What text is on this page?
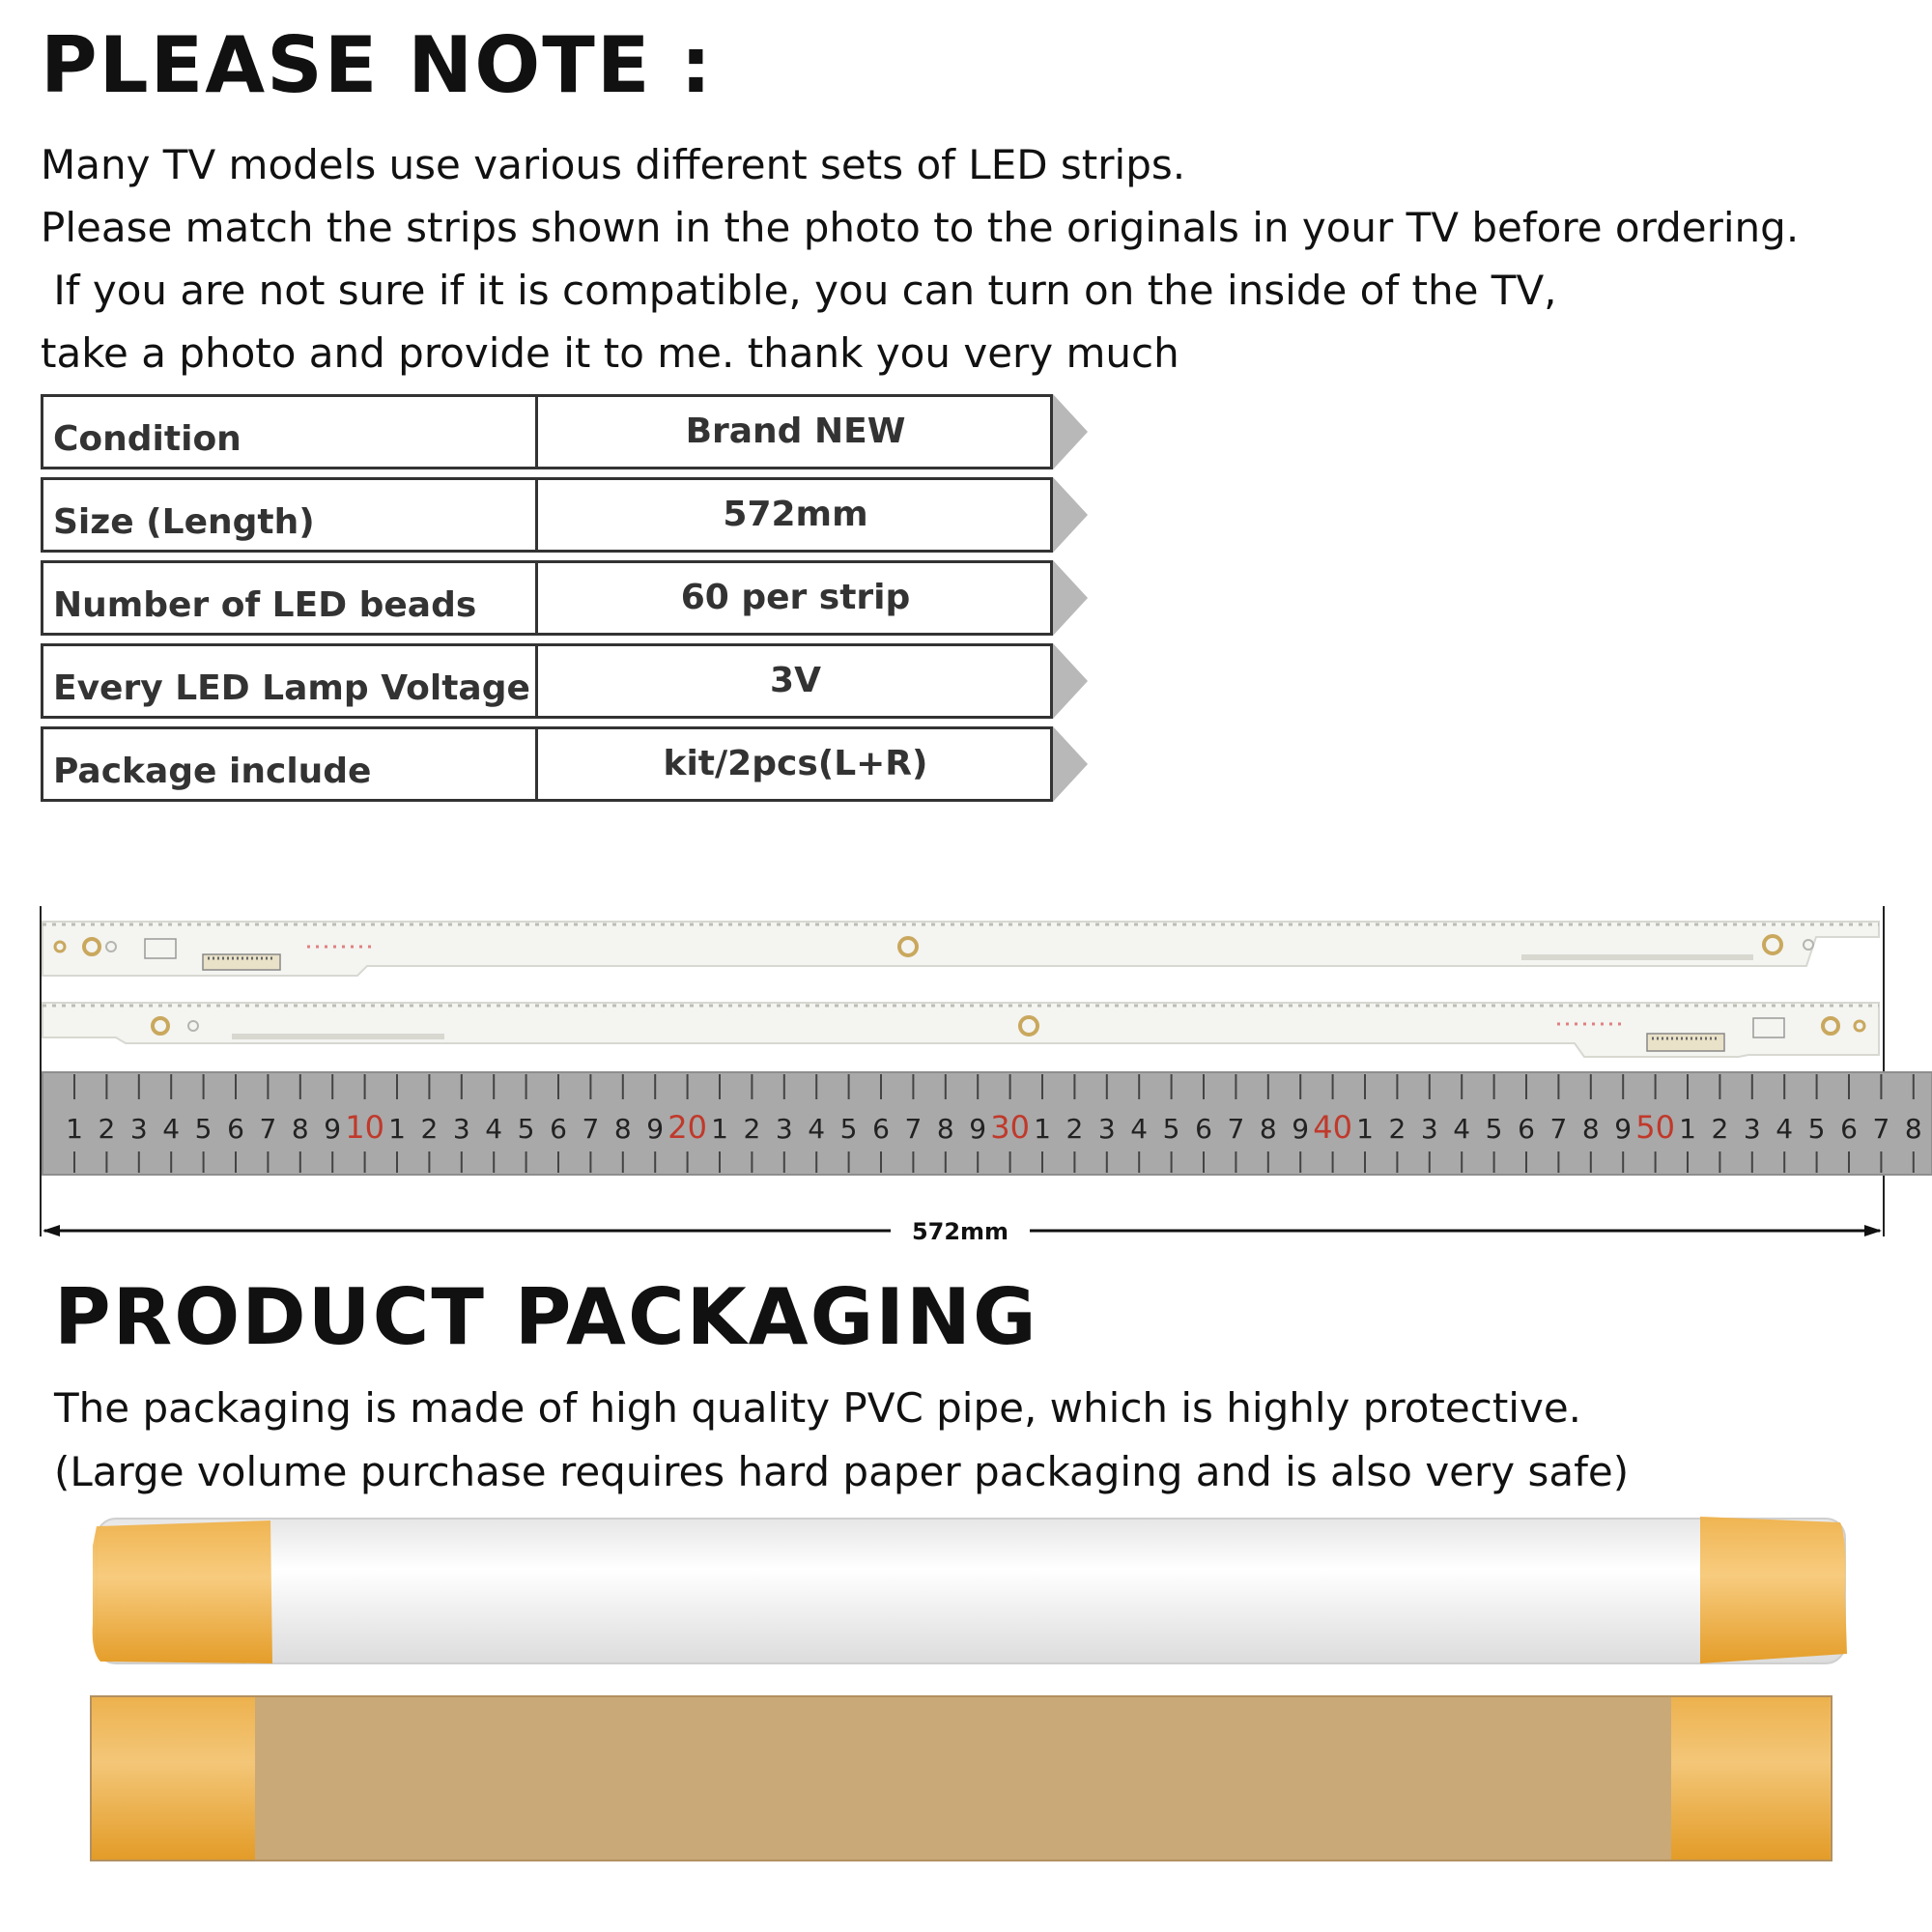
PLEASE NOTE :
Many TV models use various different sets of LED strips.
Please match the strips shown in the photo to the originals in your TV before ordering.
If you are not sure if it is compatible, you can turn on the inside of the TV,
take a photo and provide it to me. thank you very much
Condition	Brand NEW
Size (Length)	572mm
Number of LED beads	60 per strip
Every LED Lamp Voltage	3V
Package include	kit/2pcs(L+R)
1 2 3 4 5 6 7 8 9 10 1 2 3 4 5 6 7 8 9 20 1 2 3 4 5 6 7 8 9 30 1 2 3 4 5 6 7 8 9 40 1 2 3 4 5 6 7 8 9 50 1 2 3 4 5 6 7 8
572mm
PRODUCT PACKAGING
The packaging is made of high quality PVC pipe, which is highly protective.
(Large volume purchase requires hard paper packaging and is also very safe)
